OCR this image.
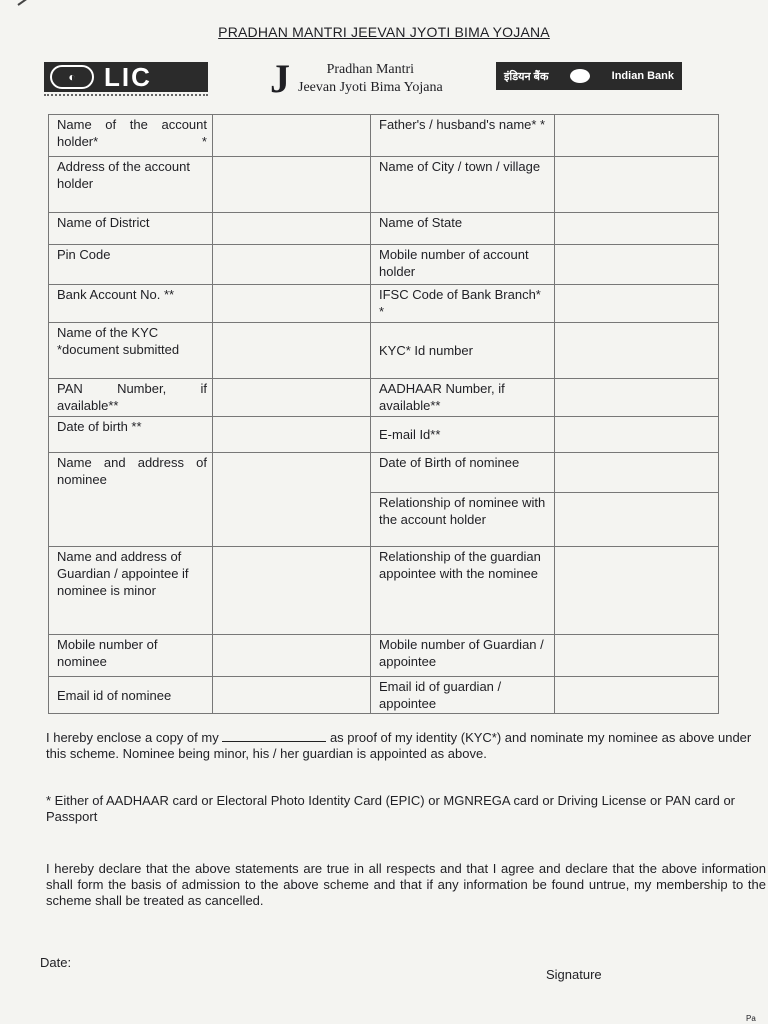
PRADHAN MANTRI JEEVAN JYOTI BIMA YOJANA
◐	LIC	J	Pradhan Mantri
Jeevan Jyoti Bima Yojana
इंडियन बैंक	Indian Bank
Name of the account holder* *		Father's / husband's name* *	
Address of the account holder		Name of City / town / village	
Name of District		Name of State	
Pin Code		Mobile number of account holder	
Bank Account No. **		IFSC Code of Bank Branch* *	
Name of the KYC *document submitted		KYC* Id number	

PAN Number, if available**		AADHAAR Number, if available**	
Date of birth **		E-mail Id**	

Name and address of nominee		Date of Birth of nominee	
		Relationship of nominee with the account holder	
Name and address of Guardian / appointee if nominee is minor		Relationship of the guardian appointee with the nominee	
Mobile number of nominee		Mobile number of Guardian / appointee	
Email id of nominee		Email id of guardian / appointee	

I hereby enclose a copy of my	as proof of my identity (KYC*) and nominate my nominee as above under this scheme. Nominee being minor, his / her guardian is appointed as above.

* Either of AADHAAR card or Electoral Photo Identity Card (EPIC) or MGNREGA card or Driving License or PAN card or Passport

I hereby declare that the above statements are true in all respects and that I agree and declare that the above information shall form the basis of admission to the above scheme and that if any information be found untrue, my membership to the scheme shall be treated as cancelled.

Date:
Signature
Pa
